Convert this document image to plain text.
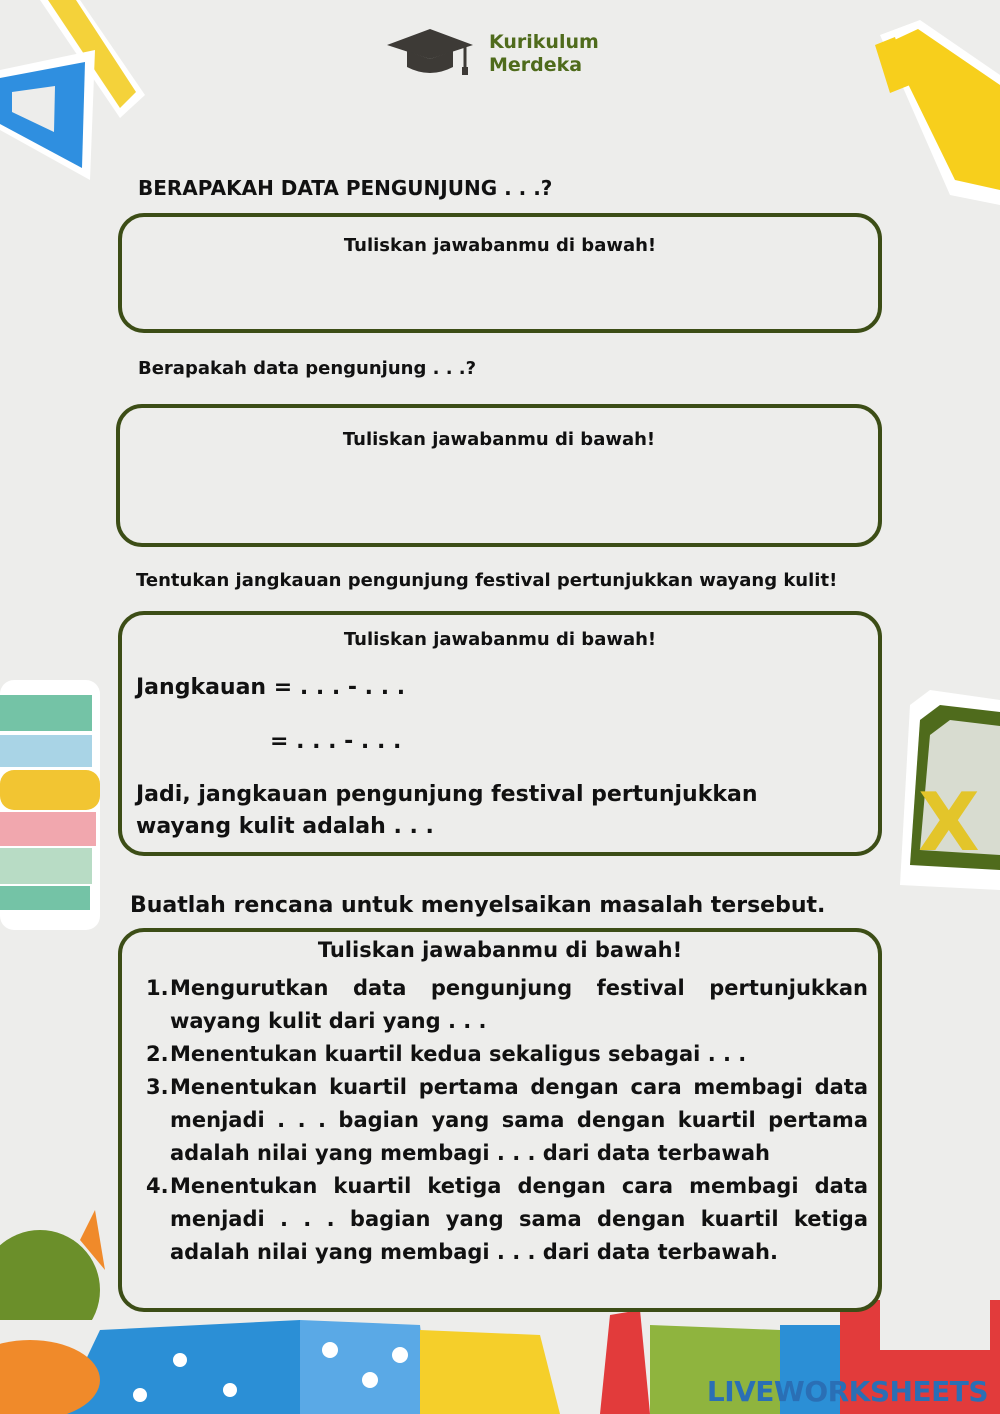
X
Kurikulum
Merdeka
BERAPAKAH DATA PENGUNJUNG . . .?
Tuliskan jawabanmu di bawah!
Berapakah data pengunjung . . .?
Tuliskan jawabanmu di bawah!
Tentukan jangkauan pengunjung festival pertunjukkan wayang kulit!
Tuliskan jawabanmu di bawah!
Jangkauan = . . . - . . .
= . . . - . . .
Jadi, jangkauan pengunjung festival pertunjukkan wayang kulit adalah . . .
Buatlah rencana untuk menyelsaikan masalah tersebut.
Tuliskan jawabanmu di bawah!
1. Mengurutkan data pengunjung festival pertunjukkan wayang kulit dari yang . . .
2. Menentukan kuartil kedua sekaligus sebagai . . .
3. Menentukan kuartil pertama dengan cara membagi data menjadi . . . bagian yang sama dengan kuartil pertama adalah nilai yang membagi . . . dari data terbawah
4. Menentukan kuartil ketiga dengan cara membagi data menjadi . . . bagian yang sama dengan kuartil ketiga adalah nilai yang membagi . . . dari data terbawah.
LIVEWORKSHEETS
